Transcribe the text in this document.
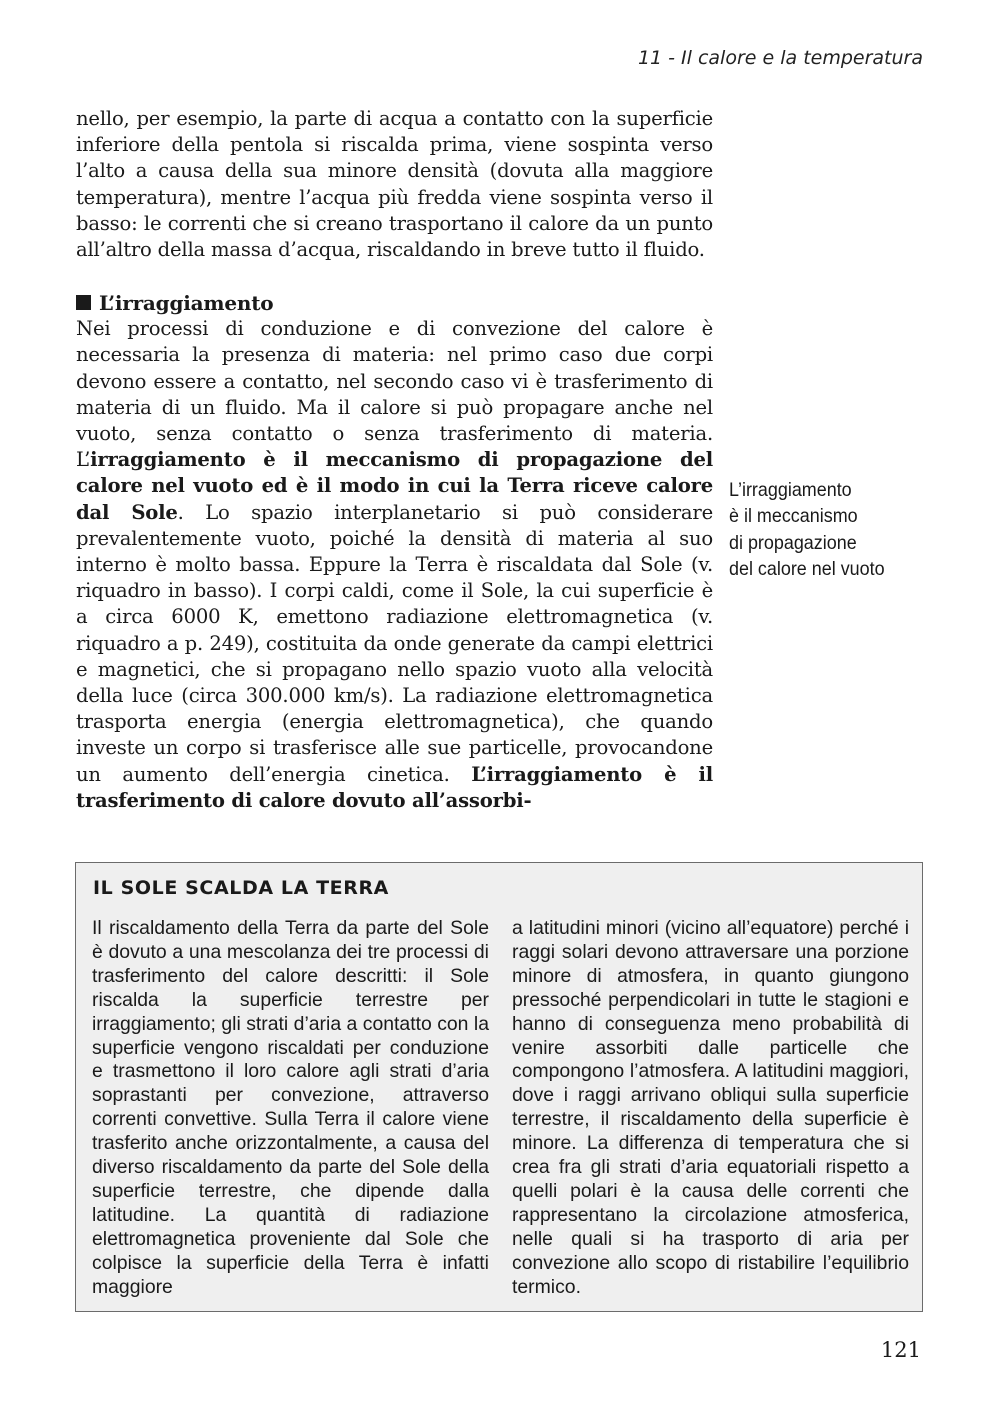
11 - Il calore e la temperatura

nello, per esempio, la parte di acqua a contatto con la superficie inferiore della pentola si riscalda prima, viene sospinta verso l’alto a causa della sua minore densità (dovuta alla maggiore temperatura), mentre l’acqua più fredda viene sospinta verso il basso: le correnti che si creano trasportano il calore da un punto all’altro della massa d’acqua, riscaldando in breve tutto il fluido.

L’irraggiamento

Nei processi di conduzione e di convezione del calore è necessaria la presenza di materia: nel primo caso due corpi devono essere a contatto, nel secondo caso vi è trasferimento di materia di un fluido. Ma il calore si può propagare anche nel vuoto, senza contatto o senza trasferimento di materia. L’irraggiamento è il meccanismo di propagazione del calore nel vuoto ed è il modo in cui la Terra riceve calore dal Sole. Lo spazio interplanetario si può considerare prevalentemente vuoto, poiché la densità di materia al suo interno è molto bassa. Eppure la Terra è riscaldata dal Sole (v. riquadro in basso). I corpi caldi, come il Sole, la cui superficie è a circa 6000 K, emettono radiazione elettromagnetica (v. riquadro a p. 249), costituita da onde generate da campi elettrici e magnetici, che si propagano nello spazio vuoto alla velocità della luce (circa 300.000 km/s). La radiazione elettromagnetica trasporta energia (energia elettromagnetica), che quando investe un corpo si trasferisce alle sue particelle, provocandone un aumento dell’energia cinetica. L’irraggiamento è il trasferimento di calore dovuto all’assorbi-

L’irraggiamento
è il meccanismo
di propagazione
del calore nel vuoto
IL SOLE SCALDA LA TERRA

Il riscaldamento della Terra da parte del Sole è dovuto a una mescolanza dei tre processi di trasferimento del calore descritti: il Sole riscalda la superficie terrestre per irraggiamento; gli strati d’aria a contatto con la superficie vengono riscaldati per conduzione e trasmettono il loro calore agli strati d’aria soprastanti per convezione, attraverso correnti convettive. Sulla Terra il calore viene trasferito anche orizzontalmente, a causa del diverso riscaldamento da parte del Sole della superficie terrestre, che dipende dalla latitudine. La quantità di radiazione elettromagnetica proveniente dal Sole che colpisce la superficie della Terra è infatti maggiore

a latitudini minori (vicino all’equatore) perché i raggi solari devono attraversare una porzione minore di atmosfera, in quanto giungono pressoché perpendicolari in tutte le stagioni e hanno di conseguenza meno probabilità di venire assorbiti dalle particelle che compongono l’atmosfera. A latitudini maggiori, dove i raggi arrivano obliqui sulla superficie terrestre, il riscaldamento della superficie è minore. La differenza di temperatura che si crea fra gli strati d’aria equatoriali rispetto a quelli polari è la causa delle correnti che rappresentano la circolazione atmosferica, nelle quali si ha trasporto di aria per convezione allo scopo di ristabilire l’equilibrio termico.

121
